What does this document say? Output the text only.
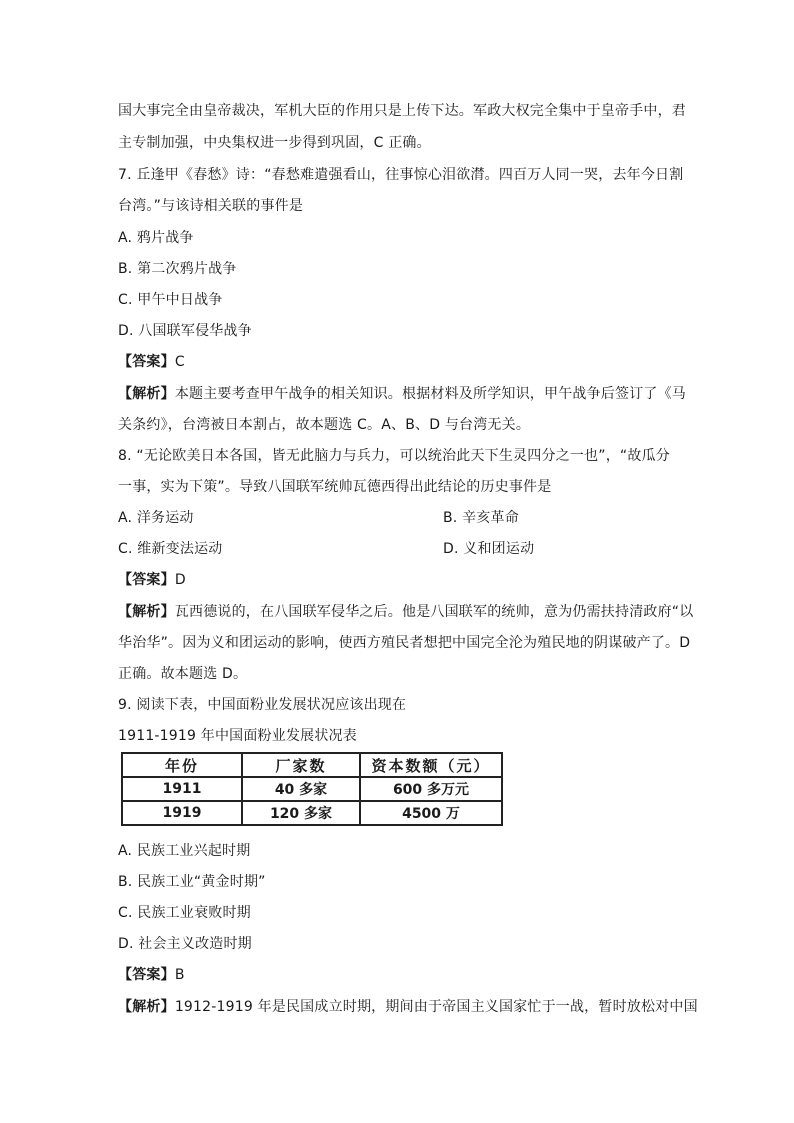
国大事完全由皇帝裁决，军机大臣的作用只是上传下达。军政大权完全集中于皇帝手中，君
主专制加强，中央集权进一步得到巩固，C 正确。
7. 丘逢甲《春愁》诗：“春愁难遣强看山，往事惊心泪欲潸。四百万人同一哭，去年今日割
台湾。”与该诗相关联的事件是
A. 鸦片战争
B. 第二次鸦片战争
C. 甲午中日战争
D. 八国联军侵华战争
【答案】C
【解析】本题主要考查甲午战争的相关知识。根据材料及所学知识，甲午战争后签订了《马
关条约》，台湾被日本割占，故本题选 C。A、B、D 与台湾无关。
8. “无论欧美日本各国，皆无此脑力与兵力，可以统治此天下生灵四分之一也”，“故瓜分
一事，实为下策”。导致八国联军统帅瓦德西得出此结论的历史事件是
A. 洋务运动	B. 辛亥革命
C. 维新变法运动	D. 义和团运动
【答案】D
【解析】瓦西德说的，在八国联军侵华之后。他是八国联军的统帅，意为仍需扶持清政府“以
华治华”。因为义和团运动的影响，使西方殖民者想把中国完全沦为殖民地的阴谋破产了。D
正确。故本题选 D。
9. 阅读下表，中国面粉业发展状况应该出现在
1911-1919 年中国面粉业发展状况表
年份	厂家数	资本数额（元）
1911	40 多家	600 多万元
1919	120 多家	4500 万
A. 民族工业兴起时期
B. 民族工业“黄金时期”
C. 民族工业衰败时期
D. 社会主义改造时期
【答案】B
【解析】1912-1919 年是民国成立时期，期间由于帝国主义国家忙于一战，暂时放松对中国
